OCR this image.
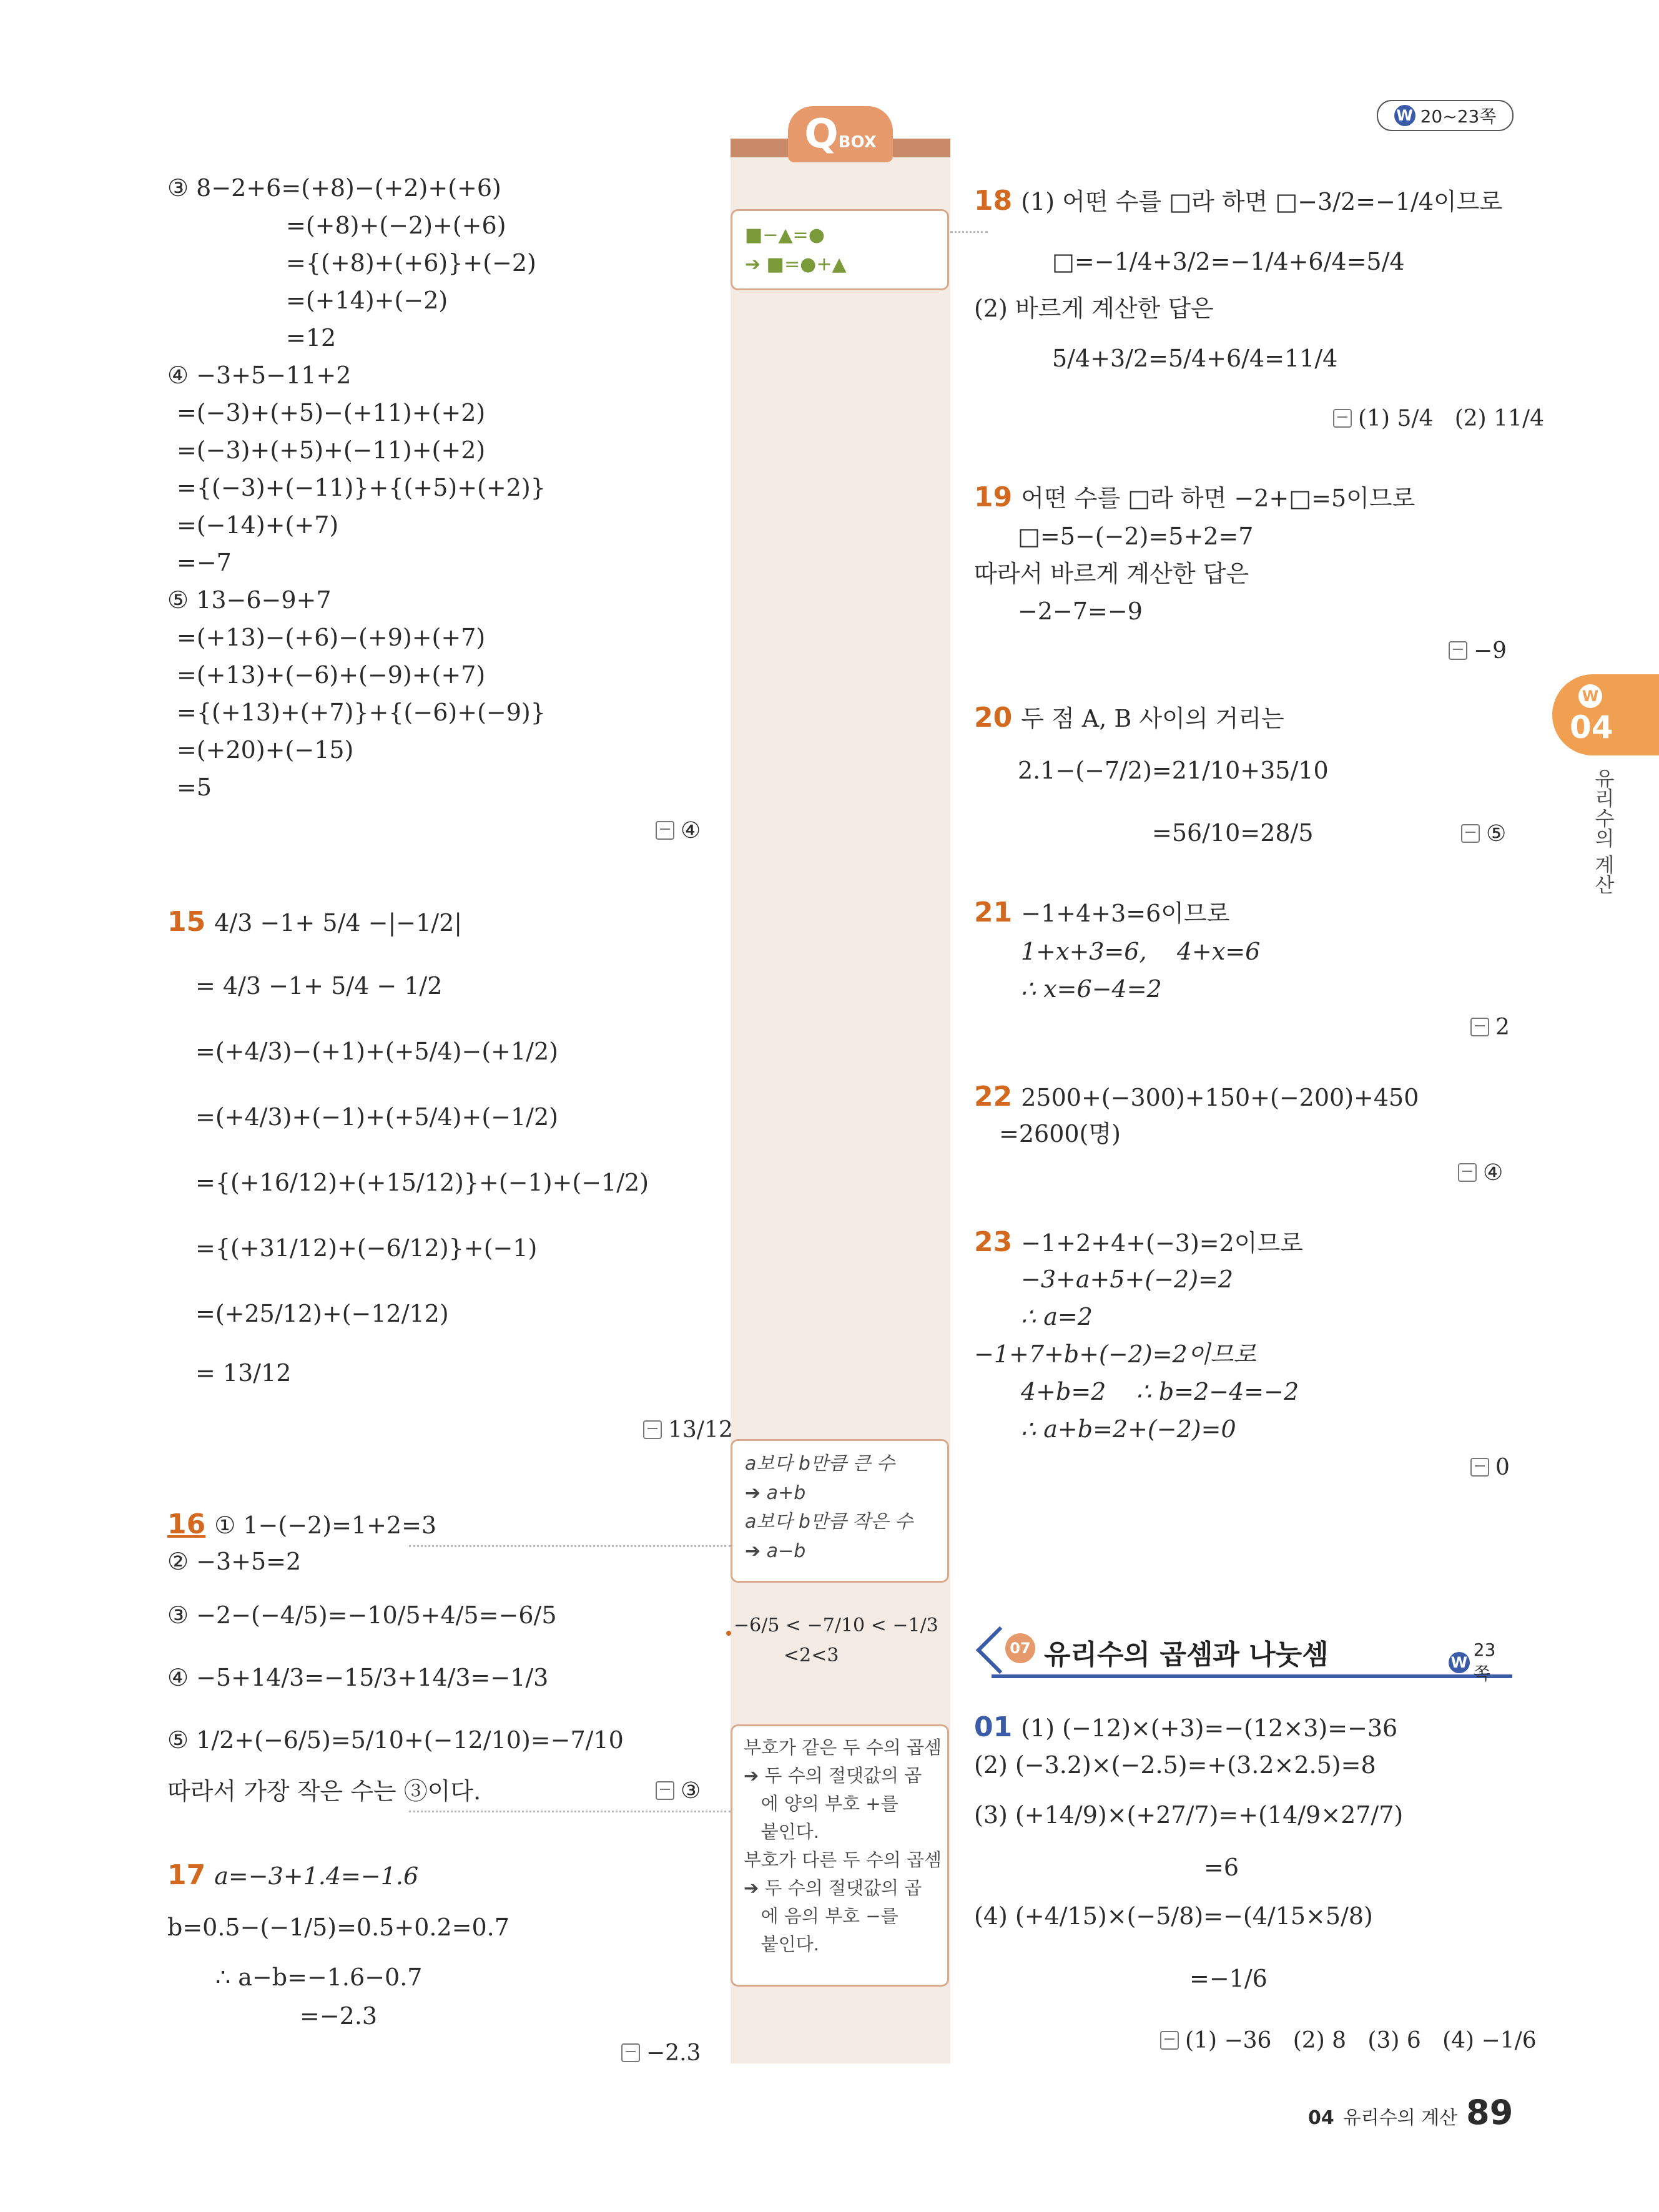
W 20~23쪽
QBOX
■−▲=●
➔ ■=●+▲
a보다 b만큼 큰 수
➔ a+b
a보다 b만큼 작은 수
➔ a−b
−6/5 < −7/10 < −1/3
<2<3
부호가 같은 두 수의 곱셈
➔ 두 수의 절댓값의 곱
에 양의 부호 +를
붙인다.
부호가 다른 두 수의 곱셈
➔ 두 수의 절댓값의 곱
에 음의 부호 −를
붙인다.
③ 8−2+6=(+8)−(+2)+(+6)
=(+8)+(−2)+(+6)
={(+8)+(+6)}+(−2)
=(+14)+(−2)
=12
④ −3+5−11+2
=(−3)+(+5)−(+11)+(+2)
=(−3)+(+5)+(−11)+(+2)
={(−3)+(−11)}+{(+5)+(+2)}
=(−14)+(+7)
=−7
⑤ 13−6−9+7
=(+13)−(+6)−(+9)+(+7)
=(+13)+(−6)+(−9)+(+7)
={(+13)+(+7)}+{(−6)+(−9)}
=(+20)+(−15)
=5
④
15 4/3 −1+ 5/4 −|−1/2|
= 4/3 −1+ 5/4 − 1/2
=(+4/3)−(+1)+(+5/4)−(+1/2)
=(+4/3)+(−1)+(+5/4)+(−1/2)
={(+16/12)+(+15/12)}+(−1)+(−1/2)
={(+31/12)+(−6/12)}+(−1)
=(+25/12)+(−12/12)
= 13/12
13/12
16 ① 1−(−2)=1+2=3
② −3+5=2
③ −2−(−4/5)=−10/5+4/5=−6/5
④ −5+14/3=−15/3+14/3=−1/3
⑤ 1/2+(−6/5)=5/10+(−12/10)=−7/10
따라서 가장 작은 수는 ③이다.	③
17 a=−3+1.4=−1.6
b=0.5−(−1/5)=0.5+0.2=0.7
∴ a−b=−1.6−0.7
=−2.3
−2.3
18 (1) 어떤 수를 □라 하면 □−3/2=−1/4이므로
□=−1/4+3/2=−1/4+6/4=5/4
(2) 바르게 계산한 답은
5/4+3/2=5/4+6/4=11/4
(1) 5/4   (2) 11/4
19 어떤 수를 □라 하면 −2+□=5이므로
□=5−(−2)=5+2=7
따라서 바르게 계산한 답은
−2−7=−9
−9
20 두 점 A, B 사이의 거리는
2.1−(−7/2)=21/10+35/10
=56/10=28/5	⑤
21 −1+4+3=6이므로
1+x+3=6,    4+x=6
∴ x=6−4=2
2
22 2500+(−300)+150+(−200)+450
=2600(명)
④
23 −1+2+4+(−3)=2이므로
−3+a+5+(−2)=2
∴ a=2
−1+7+b+(−2)=2이므로
4+b=2    ∴ b=2−4=−2
∴ a+b=2+(−2)=0
0
07 유리수의 곱셈과 나눗셈	W
23쪽
01 (1) (−12)×(+3)=−(12×3)=−36
(2) (−3.2)×(−2.5)=+(3.2×2.5)=8
(3) (+14/9)×(+27/7)=+(14/9×27/7)
=6
(4) (+4/15)×(−5/8)=−(4/15×5/8)
=−1/6
(1) −36   (2) 8   (3) 6   (4) −1/6
W
04
유리수의 계산
04 유리수의 계산 89
